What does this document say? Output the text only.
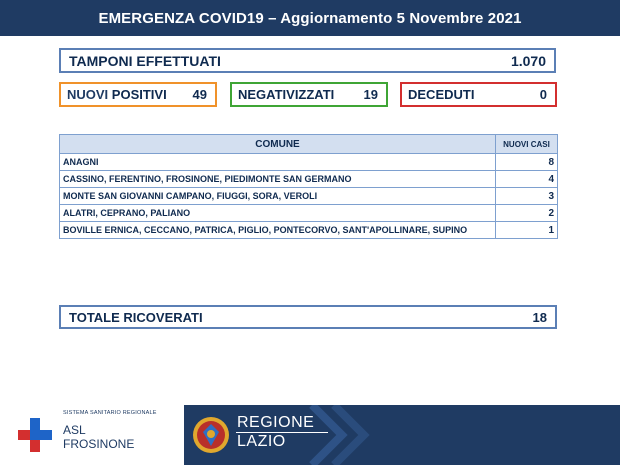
EMERGENZA COVID19 – Aggiornamento 5 Novembre 2021
TAMPONI EFFETTUATI	1.070
NUOVI POSITIVI 49 NEGATIVIZZATI 19 DECEDUTI	0
COMUNE	NUOVI CASI
ANAGNI	8
CASSINO, FERENTINO, FROSINONE, PIEDIMONTE SAN GERMANO	4
MONTE SAN GIOVANNI CAMPANO, FIUGGI, SORA, VEROLI	3
ALATRI, CEPRANO, PALIANO	2
BOVILLE ERNICA, CECCANO, PATRICA, PIGLIO, PONTECORVO, SANT'APOLLINARE, SUPINO	1
TOTALE RICOVERATI	18
SISTEMA SANITARIO REGIONALE
ASL
FROSINONE
REGIONE
LAZIO
